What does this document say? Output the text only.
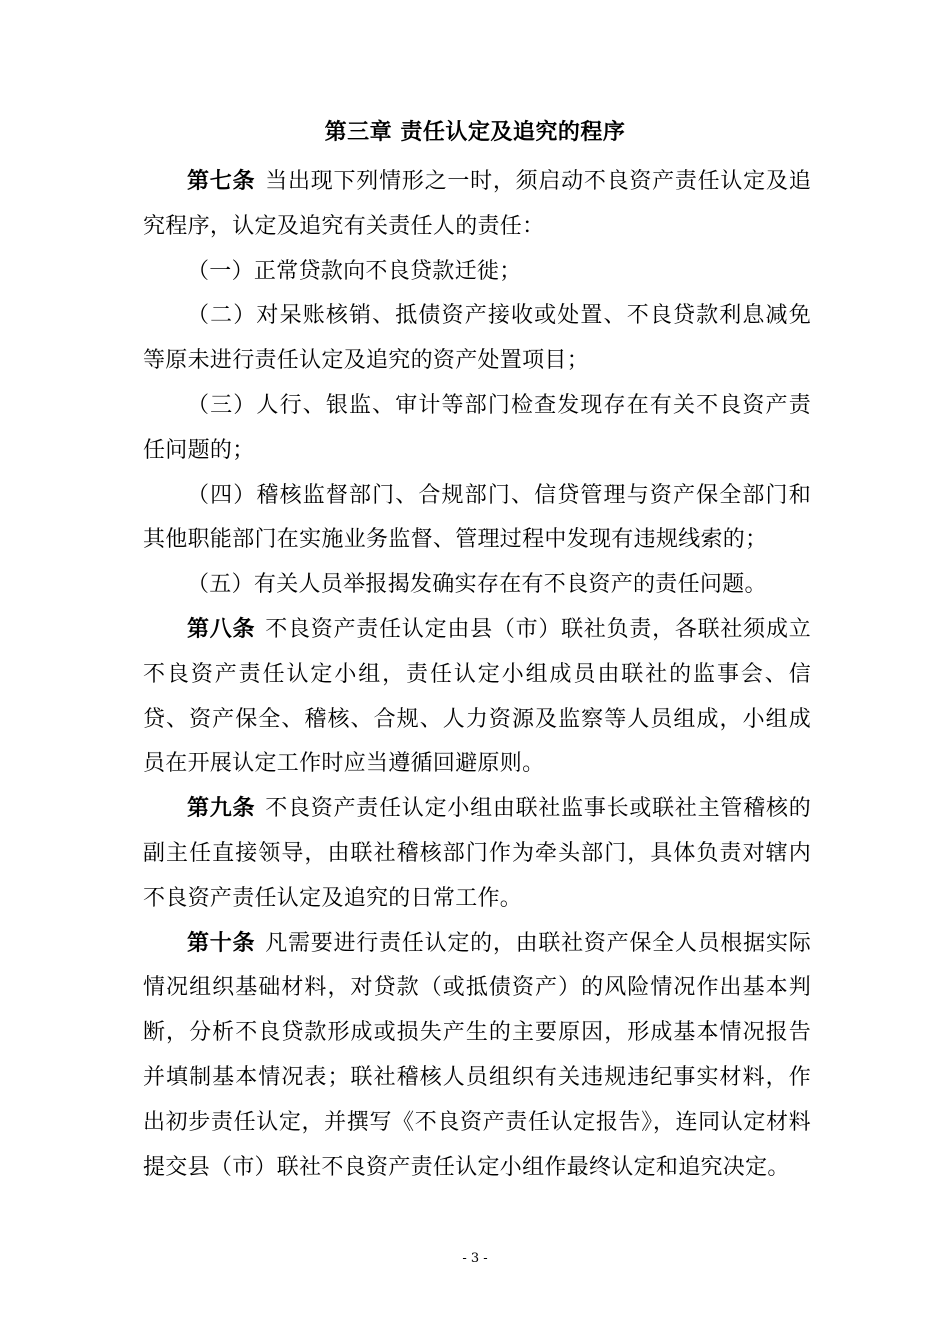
第三章 责任认定及追究的程序

第七条 当出现下列情形之一时，须启动不良资产责任认定及追究程序，认定及追究有关责任人的责任：

（一）正常贷款向不良贷款迁徙；

（二）对呆账核销、抵债资产接收或处置、不良贷款利息减免等原未进行责任认定及追究的资产处置项目；

（三）人行、银监、审计等部门检查发现存在有关不良资产责任问题的；

（四）稽核监督部门、合规部门、信贷管理与资产保全部门和其他职能部门在实施业务监督、管理过程中发现有违规线索的；

（五）有关人员举报揭发确实存在有不良资产的责任问题。

第八条 不良资产责任认定由县（市）联社负责，各联社须成立不良资产责任认定小组，责任认定小组成员由联社的监事会、信贷、资产保全、稽核、合规、人力资源及监察等人员组成，小组成员在开展认定工作时应当遵循回避原则。

第九条 不良资产责任认定小组由联社监事长或联社主管稽核的副主任直接领导，由联社稽核部门作为牵头部门，具体负责对辖内不良资产责任认定及追究的日常工作。

第十条 凡需要进行责任认定的，由联社资产保全人员根据实际情况组织基础材料，对贷款（或抵债资产）的风险情况作出基本判断，分析不良贷款形成或损失产生的主要原因，形成基本情况报告并填制基本情况表；联社稽核人员组织有关违规违纪事实材料，作出初步责任认定，并撰写《不良资产责任认定报告》，连同认定材料提交县（市）联社不良资产责任认定小组作最终认定和追究决定。

- 3 -
